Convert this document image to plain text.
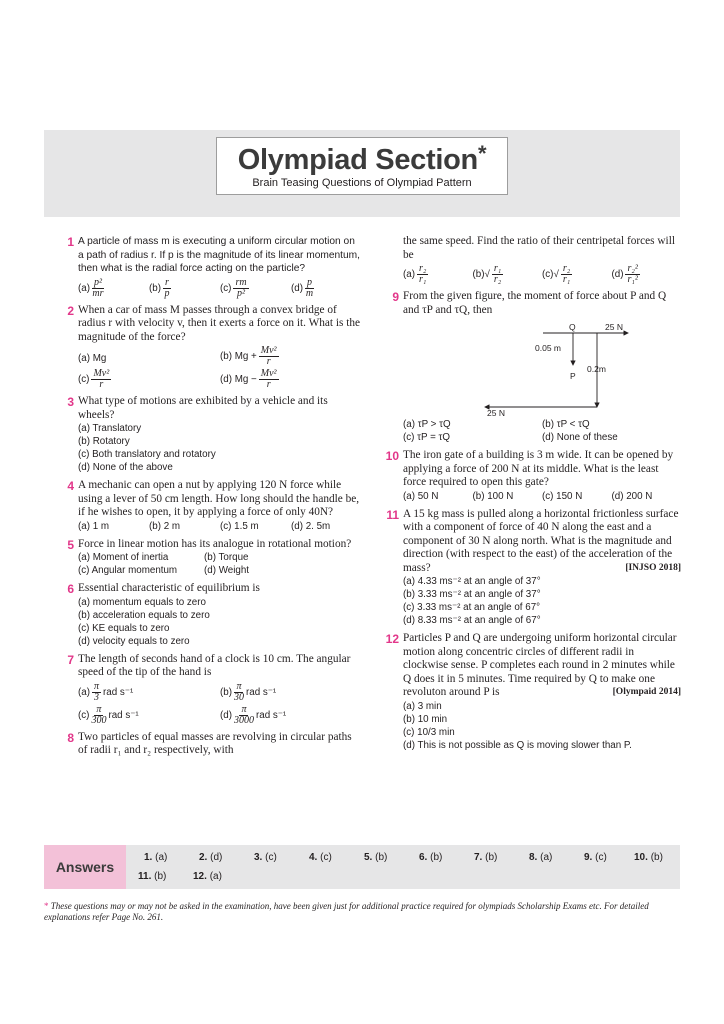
Olympiad Section*
Brain Teasing Questions of Olympiad Pattern
1 A particle of mass m is executing a uniform circular motion on a path of radius r. If p is the magnitude of its linear momentum, then what is the radial force acting on the particle?
$(a) \frac{\text{p²}}{mr}$	$(b) \frac{r}{p}$	$(c) \frac{rm}{\text{p²}}$	$(d) \frac{p}{m}$
2 When a car of mass M passes through a convex bridge of radius r with velocity v, then it exerts a force on it. What is the magnitude of the force?
(a) Mg	(b) $Mg + \frac{\text{Mv²}}{r}$
$(c) \frac{\text{Mv²}}{r}$	(d) $Mg - \frac{\text{Mv²}}{r}$
3 What type of motions are exhibited by a vehicle and its wheels?
(a) Translatory
(b) Rotatory
(c) Both translatory and rotatory
(d) None of the above
4 A mechanic can open a nut by applying 120 N force while using a lever of 50 cm length. How long should the handle be, if he wishes to open, it by applying a force of only 40N?
(a) 1 m	(b) 2 m	(c) 1.5 m	(d) 2. 5m
5 Force in linear motion has its analogue in rotational motion?
(a) Moment of inertia	(b) Torque
(c) Angular momentum	(d) Weight
6 Essential characteristic of equilibrium is
(a) momentum equals to zero
(b) acceleration equals to zero
(c) KE equals to zero
(d) velocity equals to zero
7 The length of seconds hand of a clock is 10 cm. The angular speed of the tip of the hand is
$(a) \frac{\pi}{3}$ rad s⁻¹	$(b) \frac{\pi}{30}$ rad s⁻¹
$(c) \frac{\pi}{300}$ rad s⁻¹	$(d) \frac{\pi}{3000}$ rad s⁻¹
8 Two particles of equal masses are revolving in circular paths of radii r₁ and r₂ respectively, with
the same speed. Find the ratio of their centripetal forces will be
$(a) \frac{\text{r₂}}{\text{r₁}}$	$(b)√ \frac{\text{r₁}}{\text{r₂}}$	$(c)√ \frac{\text{r₂}}{\text{r₁}}$	$(d) \frac{\text{r₂²}}{\text{r₁²}}$
9 From the given figure, the moment of force about P and Q and τP and τQ, then
Q	25 N
0.05 m
P
0.2m
25 N
(a) τP > τQ	(b) τP < τQ
(c) τP = τQ	(d) None of these
10 The iron gate of a building is 3 m wide. It can be opened by applying a force of 200 N at its middle. What is the least force required to open this gate?
(a) 50 N	(b) 100 N	(c) 150 N	(d) 200 N
11 A 15 kg mass is pulled along a horizontal frictionless surface with a component of force of 40 N along the east and a component of 30 N along north. What is the magnitude and direction (with respect to the east) of the acceleration of the mass?	[INJSO 2018]
(a) 4.33 ms⁻² at an angle of 37°
(b) 3.33 ms⁻² at an angle of 37°
(c) 3.33 ms⁻² at an angle of 67°
(d) 8.33 ms⁻² at an angle of 67°
12 Particles P and Q are undergoing uniform horizontal circular motion along concentric circles of different radii in clockwise sense. P completes each round in 2 minutes while Q does it in 5 minutes. Time required by Q to make one revoluton around P is	[Olympaid 2014]
(a) 3 min
(b) 10 min
(c) 10/3 min
(d) This is not possible as Q is moving slower than P.
Answers
1. (a)	2. (d)	3. (c)	4. (c)	5. (b)	6. (b)	7. (b)	8. (a)	9. (c)	10. (b)
11. (b)	12. (a)
* These questions may or may not be asked in the examination, have been given just for additional practice required for olympiads Scholarship Exams etc. For detailed explanations refer Page No. 261.
